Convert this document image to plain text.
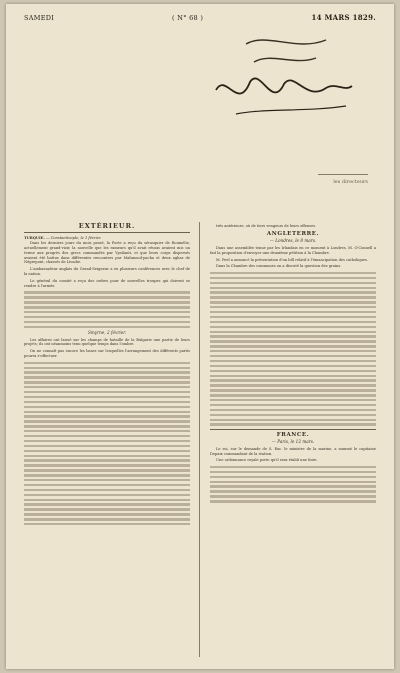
SAMEDI	( N° 68 )	14 MARS 1829.
les directeurs
EXTÉRIEUR.
TURQUIE. — Constantinople, le 1 février.

Dans les derniers jours du mois passé, la Porte a reçu du sérasquier de Roumélie, actuellement grand-vizir, la nouvelle que les rameurs qu'il avait réunis avaient mis un terme aux progrès des grecs commandés par Ypsilanti, et que leurs corps dispersés avaient été battus dans différentes rencontres par Mahmoud-pacha et deux aghas de Négrepont, chassés de Livadie.

L'ambassadeur anglais du Grand-Seigneur a eu plusieurs conférences avec le chef de la nation.

Le général du comité a reçu des ordres pour de nouvelles troupes qui doivent se rendre à l'armée.

Smyrne, 2 février.

Les affaires ont laissé sur les champs de bataille de la Bulgarie une partie de leurs projets; ils ont néanmoins tenu quelque temps dans l'ombre.

On ne connaît pas encore les bases sur lesquelles l'arrangement des différents partis pourra s'effectuer.

très antérieure, où de tiers vengeurs de leurs offenses.

ANGLETERRE.
— Londres, le 8 mars.

Dans une assemblée tenue par les Irlandais en ce moment à Londres, M. O'Connell a fait la proposition d'envoyer une deuxième pétition à la Chambre.

M. Peel a annoncé la présentation d'un bill relatif à l'émancipation des catholiques.

Dans la Chambre des communes on a discuté la question des grains.

FRANCE.
— Paris, le 12 mars.

Le roi, sur le demande de S. Exc. le ministre de la marine, a nommé le capitaine Depaix commandant de la station.

Une ordonnance royale porte qu'il sera établi une foire.
